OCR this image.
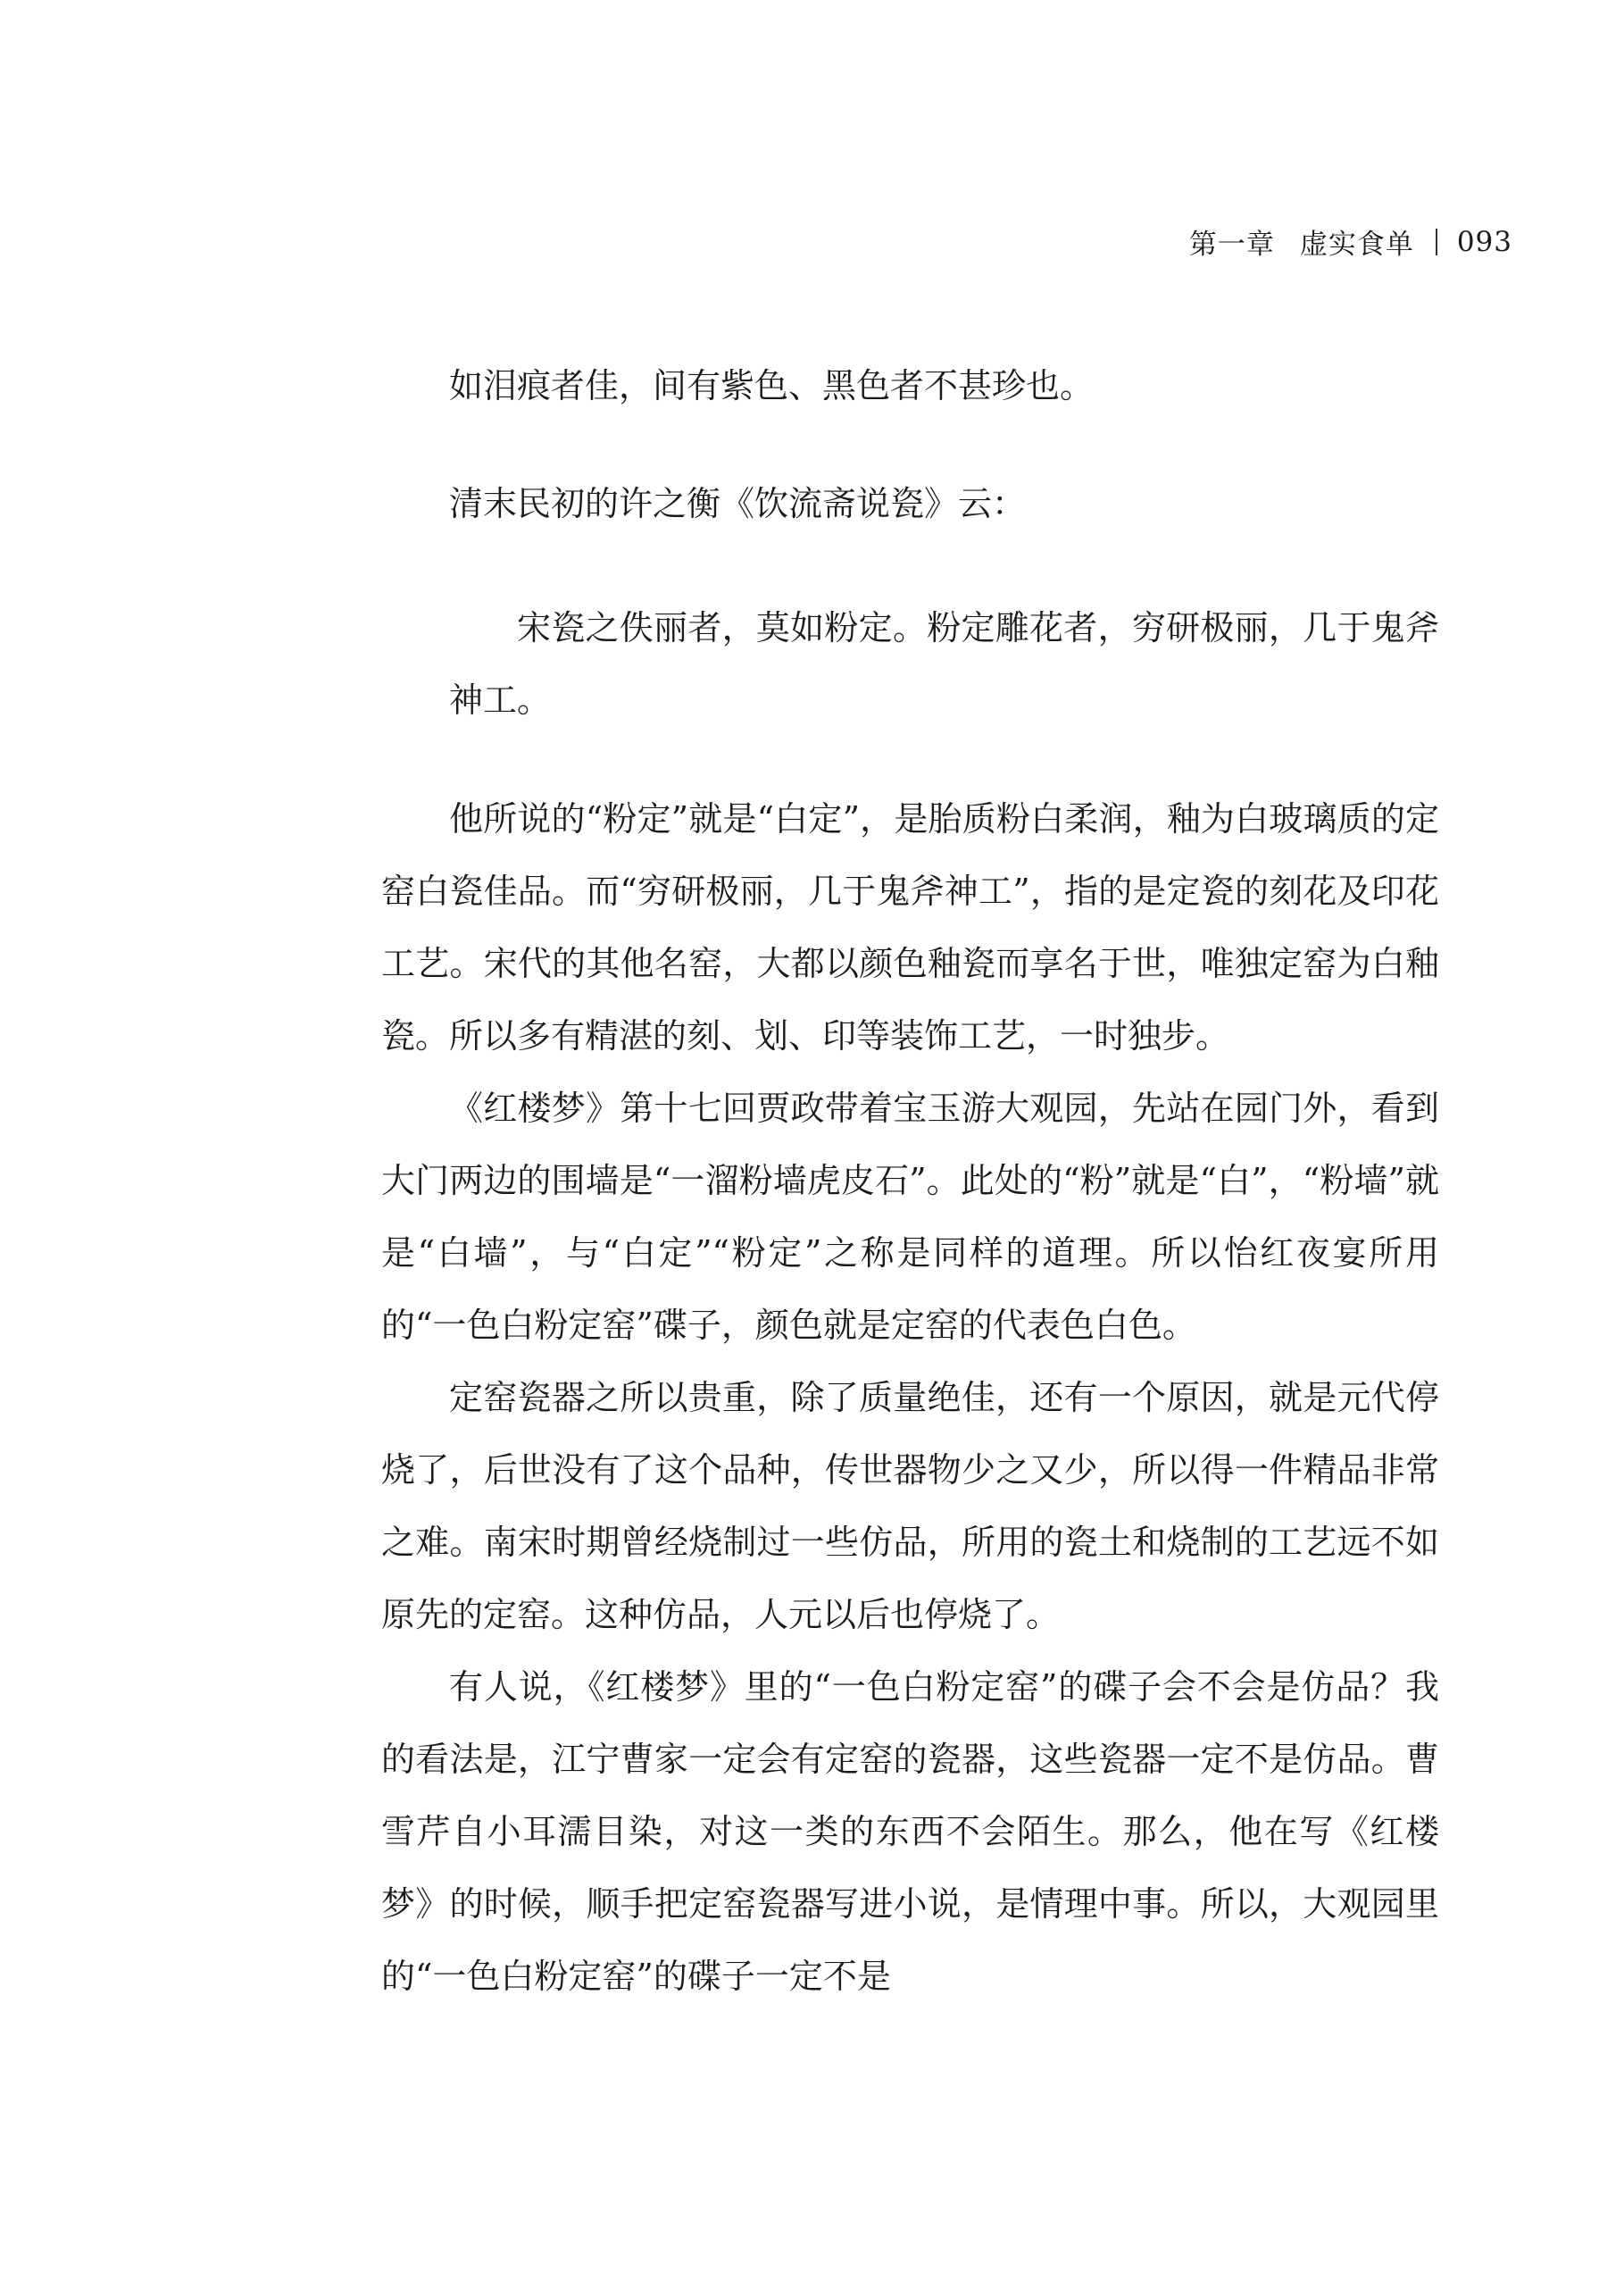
第一章 虚实食单 093

如泪痕者佳，间有紫色、黑色者不甚珍也。

清末民初的许之衡《饮流斋说瓷》云：

宋瓷之佚丽者，莫如粉定。粉定雕花者，穷研极丽，几于鬼斧神工。

他所说的“粉定”就是“白定”，是胎质粉白柔润，釉为白玻璃质的定窑白瓷佳品。而“穷研极丽，几于鬼斧神工”，指的是定瓷的刻花及印花工艺。宋代的其他名窑，大都以颜色釉瓷而享名于世，唯独定窑为白釉瓷。所以多有精湛的刻、划、印等装饰工艺，一时独步。

《红楼梦》第十七回贾政带着宝玉游大观园，先站在园门外，看到大门两边的围墙是“一溜粉墙虎皮石”。此处的“粉”就是“白”，“粉墙”就是“白墙”，与“白定”“粉定”之称是同样的道理。所以怡红夜宴所用的“一色白粉定窑”碟子，颜色就是定窑的代表色白色。

定窑瓷器之所以贵重，除了质量绝佳，还有一个原因，就是元代停烧了，后世没有了这个品种，传世器物少之又少，所以得一件精品非常之难。南宋时期曾经烧制过一些仿品，所用的瓷土和烧制的工艺远不如原先的定窑。这种仿品，人元以后也停烧了。

有人说，《红楼梦》里的“一色白粉定窑”的碟子会不会是仿品？我的看法是，江宁曹家一定会有定窑的瓷器，这些瓷器一定不是仿品。曹雪芹自小耳濡目染，对这一类的东西不会陌生。那么，他在写《红楼梦》的时候，顺手把定窑瓷器写进小说，是情理中事。所以，大观园里的“一色白粉定窑”的碟子一定不是
